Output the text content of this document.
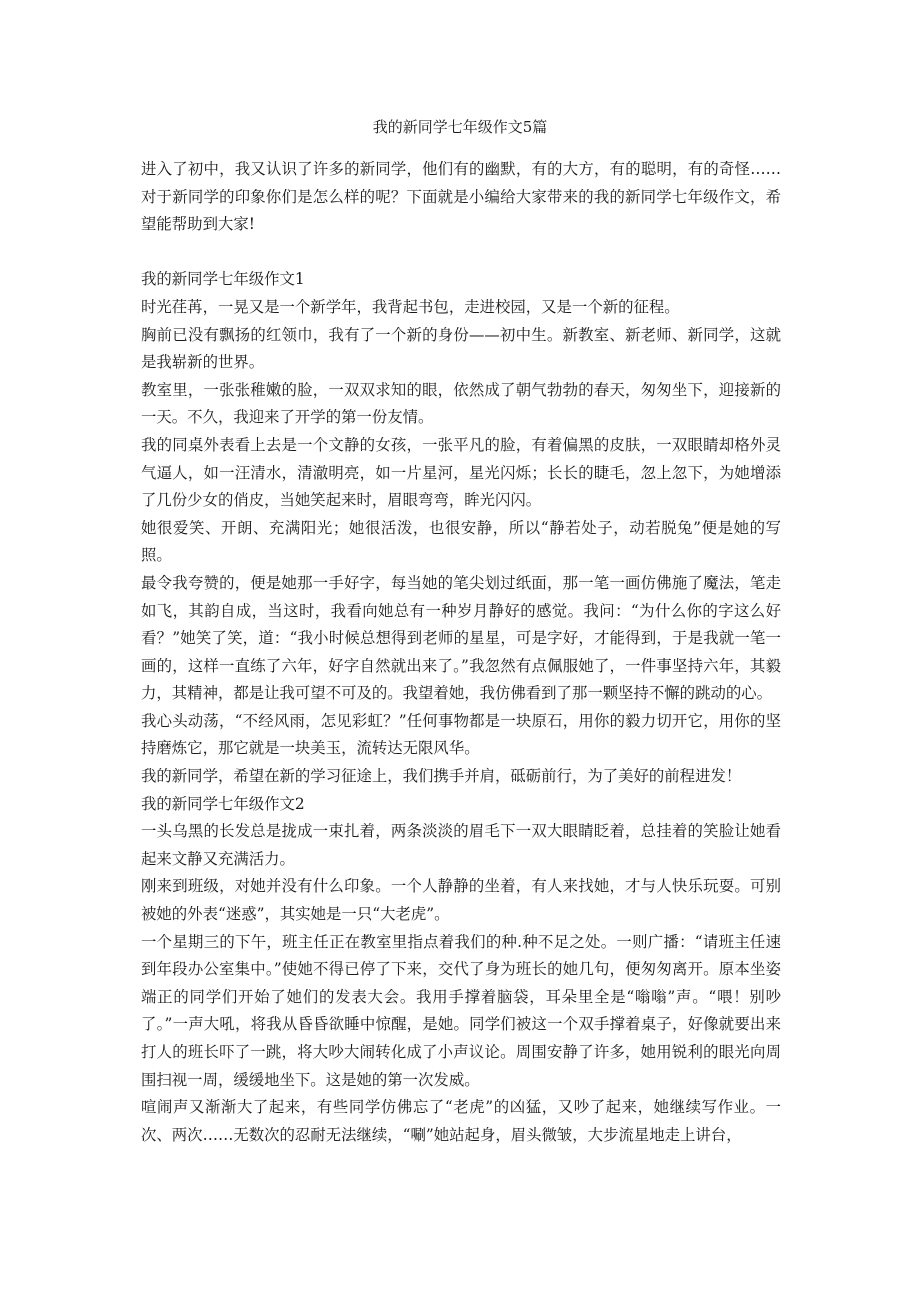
我的新同学七年级作文5篇

进入了初中，我又认识了许多的新同学，他们有的幽默，有的大方，有的聪明，有的奇怪……对于新同学的印象你们是怎么样的呢？下面就是小编给大家带来的我的新同学七年级作文，希望能帮助到大家!

我的新同学七年级作文1

时光荏苒，一晃又是一个新学年，我背起书包，走进校园，又是一个新的征程。

胸前已没有飘扬的红领巾，我有了一个新的身份——初中生。新教室、新老师、新同学，这就是我崭新的世界。

教室里，一张张稚嫩的脸，一双双求知的眼，依然成了朝气勃勃的春天，匆匆坐下，迎接新的一天。不久，我迎来了开学的第一份友情。

我的同桌外表看上去是一个文静的女孩，一张平凡的脸，有着偏黑的皮肤，一双眼睛却格外灵气逼人，如一汪清水，清澈明亮，如一片星河，星光闪烁；长长的睫毛，忽上忽下，为她增添了几份少女的俏皮，当她笑起来时，眉眼弯弯，眸光闪闪。

她很爱笑、开朗、充满阳光；她很活泼，也很安静，所以“静若处子，动若脱兔”便是她的写照。

最令我夸赞的，便是她那一手好字，每当她的笔尖划过纸面，那一笔一画仿佛施了魔法，笔走如飞，其韵自成，当这时，我看向她总有一种岁月静好的感觉。我问：“为什么你的字这么好看？”她笑了笑，道：“我小时候总想得到老师的星星，可是字好，才能得到，于是我就一笔一画的，这样一直练了六年，好字自然就出来了。”我忽然有点佩服她了，一件事坚持六年，其毅力，其精神，都是让我可望不可及的。我望着她，我仿佛看到了那一颗坚持不懈的跳动的心。

我心头动荡，“不经风雨，怎见彩虹？”任何事物都是一块原石，用你的毅力切开它，用你的坚持磨炼它，那它就是一块美玉，流转达无限风华。

我的新同学，希望在新的学习征途上，我们携手并肩，砥砺前行，为了美好的前程进发！

我的新同学七年级作文2

一头乌黑的长发总是拢成一束扎着，两条淡淡的眉毛下一双大眼睛眨着，总挂着的笑脸让她看起来文静又充满活力。

刚来到班级，对她并没有什么印象。一个人静静的坐着，有人来找她，才与人快乐玩耍。可别被她的外表“迷惑”，其实她是一只“大老虎”。

一个星期三的下午，班主任正在教室里指点着我们的种.种不足之处。一则广播：“请班主任速到年段办公室集中。”使她不得已停了下来，交代了身为班长的她几句，便匆匆离开。原本坐姿端正的同学们开始了她们的发表大会。我用手撑着脑袋，耳朵里全是“嗡嗡”声。“喂！别吵了。”一声大吼，将我从昏昏欲睡中惊醒，是她。同学们被这一个双手撑着桌子，好像就要出来打人的班长吓了一跳，将大吵大闹转化成了小声议论。周围安静了许多，她用锐利的眼光向周围扫视一周，缓缓地坐下。这是她的第一次发威。

喧闹声又渐渐大了起来，有些同学仿佛忘了“老虎”的凶猛，又吵了起来，她继续写作业。一次、两次……无数次的忍耐无法继续，“唰”她站起身，眉头微皱，大步流星地走上讲台，
